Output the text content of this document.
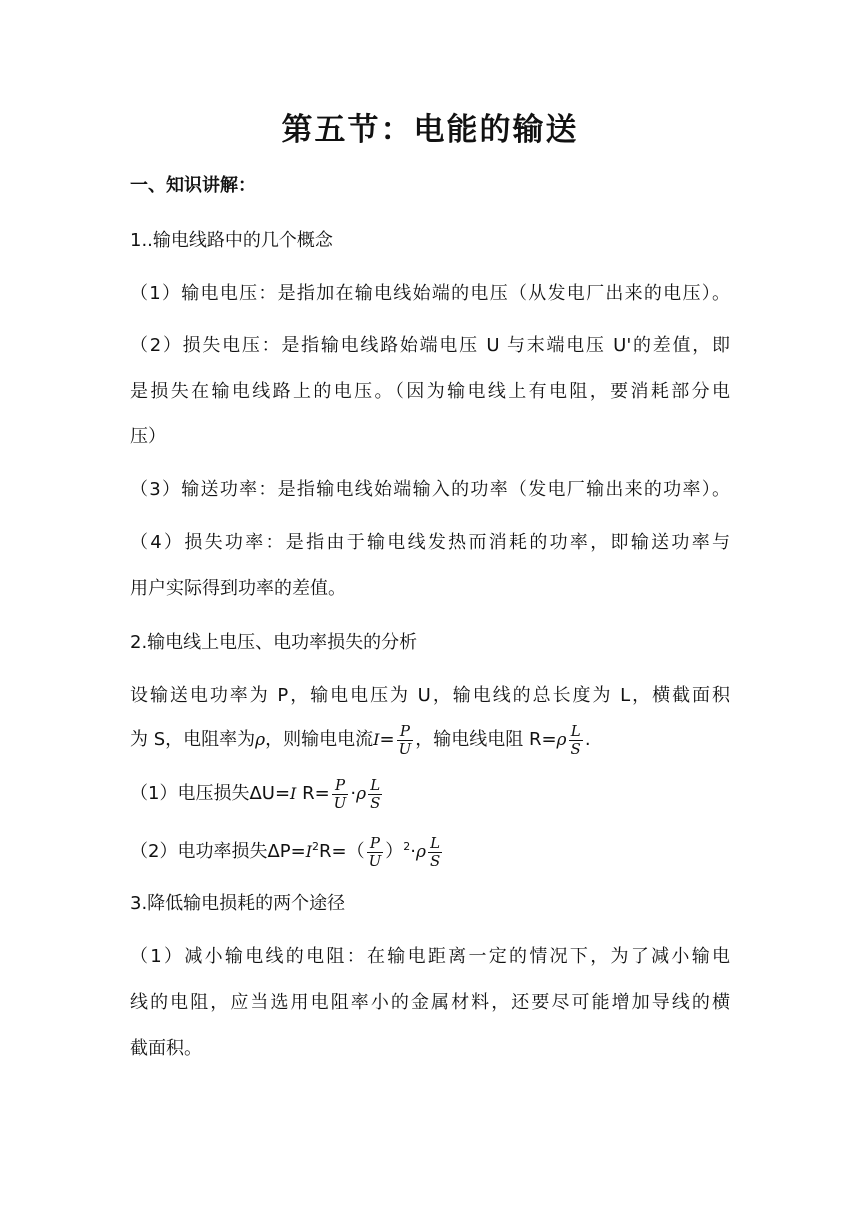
第五节：电能的输送
一、知识讲解：
1..输电线路中的几个概念
（1）输电电压：是指加在输电线始端的电压（从发电厂出来的电压）。
（2）损失电压：是指输电线路始端电压 U 与末端电压 U'的差值，即
是损失在输电线路上的电压。（因为输电线上有电阻，要消耗部分电
压）
（3）输送功率：是指输电线始端输入的功率（发电厂输出来的功率）。
（4）损失功率：是指由于输电线发热而消耗的功率，即输送功率与
用户实际得到功率的差值。
2.输电线上电压、电功率损失的分析
设输送电功率为 P，输电电压为 U，输电线的总长度为 L，横截面积
为 S，电阻率为ρ，则输电电流$I= \frac{P}{U}$ ，输电线电阻 $R=\rho \frac{L}{S}$ .
（1）电压损失ΔU=I $R= \frac{P}{U} \cdot\rho \frac{L}{S}$
（2）电功率损失$\Delta P=I^2R=( \frac{P}{U} )^2\cdot\rho \frac{L}{S}$
3.降低输电损耗的两个途径
（1）减小输电线的电阻：在输电距离一定的情况下，为了减小输电
线的电阻，应当选用电阻率小的金属材料，还要尽可能增加导线的横
截面积。
